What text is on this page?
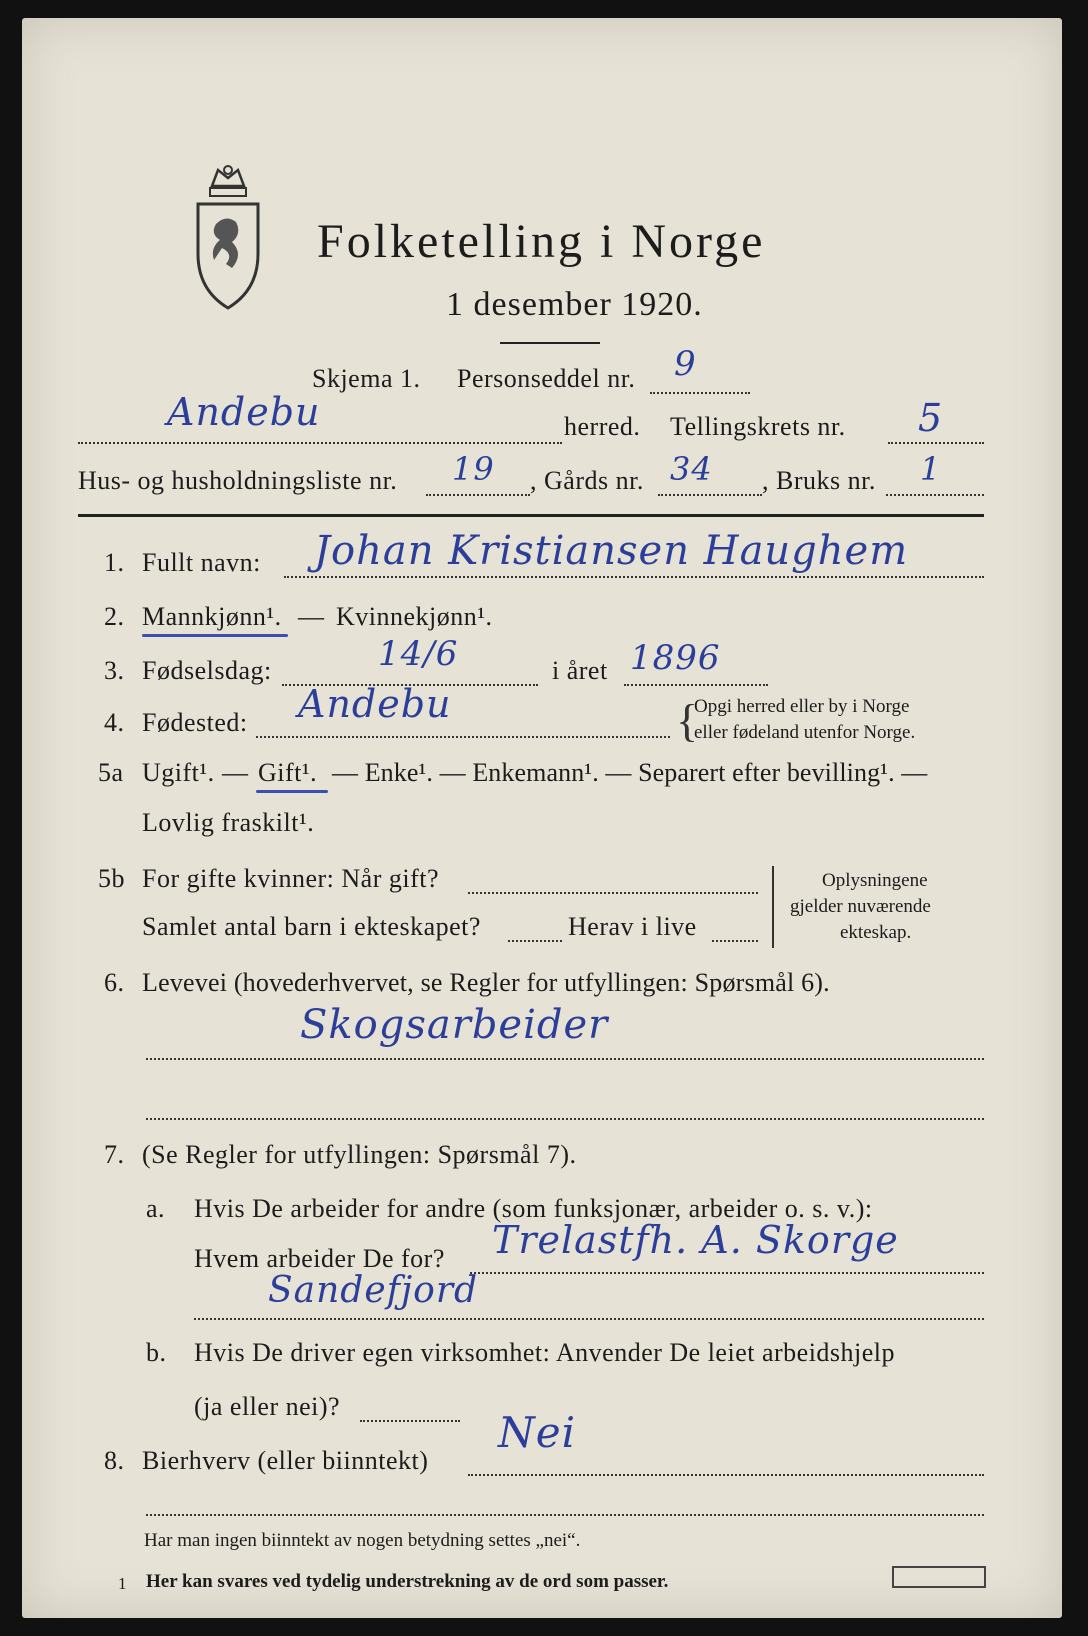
Folketelling i Norge
1 desember 1920.
Skjema 1. Personseddel nr. 9
Andebu	herred. Tellingskrets nr. 5
Hus- og husholdningsliste nr. 19 , Gårds nr. 34 , Bruks nr. 1
1. Fullt navn: Johan Kristiansen Haughem
2. Mannkjønn¹. — Kvinnekjønn¹.
3. Fødselsdag:	14/6	i året 1896
4. Fødested: Andebu	{
Opgi herred eller by i Norge
eller fødeland utenfor Norge.
5a Ugift¹. — Gift¹. — Enke¹. — Enkemann¹. — Separert efter bevilling¹. —
Lovlig fraskilt¹.
5b For gifte kvinner: Når gift?
Samlet antal barn i ekteskapet?	Herav i live
Oplysningene
gjelder nuværende
ekteskap.
6. Levevei (hovederhvervet, se Regler for utfyllingen: Spørsmål 6).
Skogsarbeider
7. (Se Regler for utfyllingen: Spørsmål 7).
a. Hvis De arbeider for andre (som funksjonær, arbeider o. s. v.):
Hvem arbeider De for? Trelastfh. A. Skorge
Sandefjord
b. Hvis De driver egen virksomhet: Anvender De leiet arbeidshjelp
(ja eller nei)?
8. Bierhverv (eller biinntekt)
Nei
Har man ingen biinntekt av nogen betydning settes „nei“.
1 Her kan svares ved tydelig understrekning av de ord som passer.
